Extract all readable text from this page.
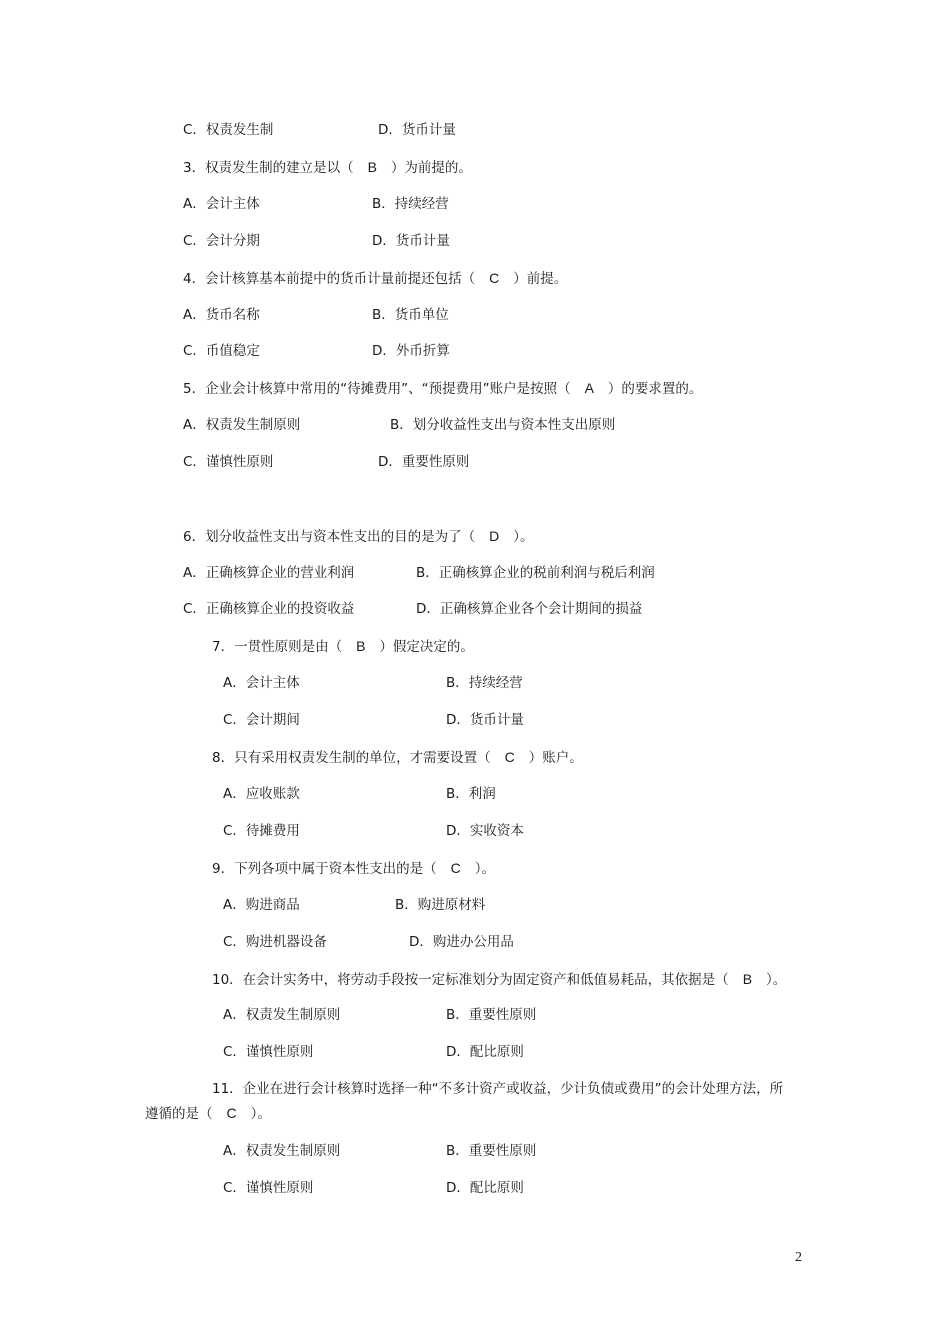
C．权责发生制	D．货币计量
3．权责发生制的建立是以（ B ）为前提的。
A．会计主体	B．持续经营
C．会计分期	D．货币计量
4．会计核算基本前提中的货币计量前提还包括（ C ）前提。
A．货币名称	B．货币单位
C．币值稳定	D．外币折算
5．企业会计核算中常用的“待摊费用”、“预提费用”账户是按照（ A ）的要求置的。
A．权责发生制原则	B．划分收益性支出与资本性支出原则
C．谨慎性原则	D．重要性原则
6．划分收益性支出与资本性支出的目的是为了（ D ）。
A．正确核算企业的营业利润	B．正确核算企业的税前利润与税后利润
C．正确核算企业的投资收益	D．正确核算企业各个会计期间的损益
7．一贯性原则是由（ B ）假定决定的。
A．会计主体	B．持续经营
C．会计期间	D．货币计量
8．只有采用权责发生制的单位，才需要设置（ C ）账户。
A．应收账款	B．利润
C．待摊费用	D．实收资本
9．下列各项中属于资本性支出的是（ C ）。
A．购进商品	B．购进原材料
C．购进机器设备	D．购进办公用品
10．在会计实务中，将劳动手段按一定标准划分为固定资产和低值易耗品，其依据是（ B ）。
A．权责发生制原则	B．重要性原则
C．谨慎性原则	D．配比原则
11．企业在进行会计核算时选择一种“不多计资产或收益，少计负债或费用”的会计处理方法，所
遵循的是（ C ）。
A．权责发生制原则	B．重要性原则
C．谨慎性原则	D．配比原则
2
